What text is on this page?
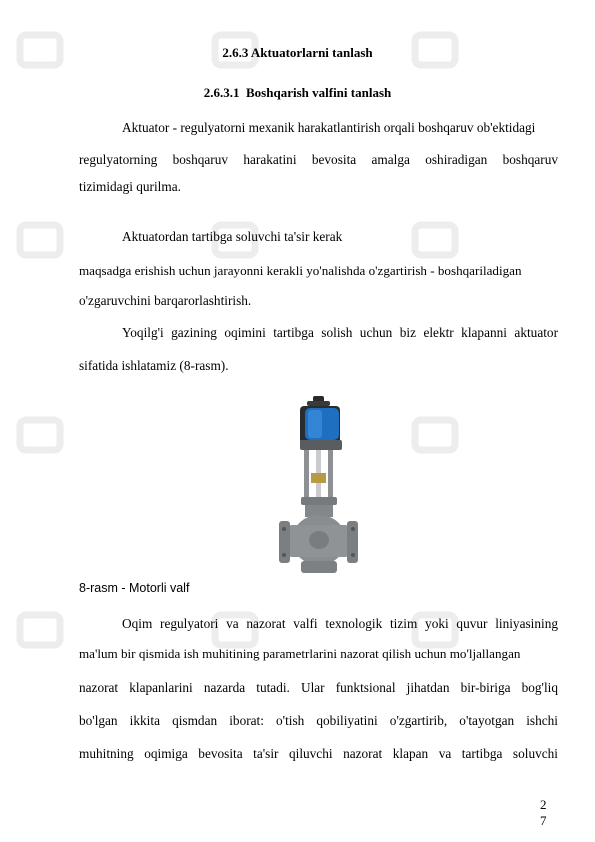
2.6.3 Aktuatorlarni tanlash
2.6.3.1 Boshqarish valfini tanlash
Aktuator - regulyatorni mexanik harakatlantirish orqali boshqaruv ob'ektidagi
regulyatorning boshqaruv harakatini bevosita amalga oshiradigan boshqaruv
tizimidagi qurilma.
Aktuatordan tartibga soluvchi ta'sir kerak
maqsadga erishish uchun jarayonni kerakli yo'nalishda o'zgartirish - boshqariladigan
o'zgaruvchini barqarorlashtirish.
Yoqilg'i gazining oqimini tartibga solish uchun biz elektr klapanni aktuator
sifatida ishlatamiz (8-rasm).
8-rasm - Motorli valf
Oqim regulyatori va nazorat valfi texnologik tizim yoki quvur liniyasining
ma'lum bir qismida ish muhitining parametrlarini nazorat qilish uchun mo'ljallangan
nazorat klapanlarini nazarda tutadi. Ular funktsional jihatdan bir-biriga bog'liq
bo'lgan ikkita qismdan iborat: o'tish qobiliyatini o'zgartirib, o'tayotgan ishchi
muhitning oqimiga bevosita ta'sir qiluvchi nazorat klapan va tartibga soluvchi
2
7
